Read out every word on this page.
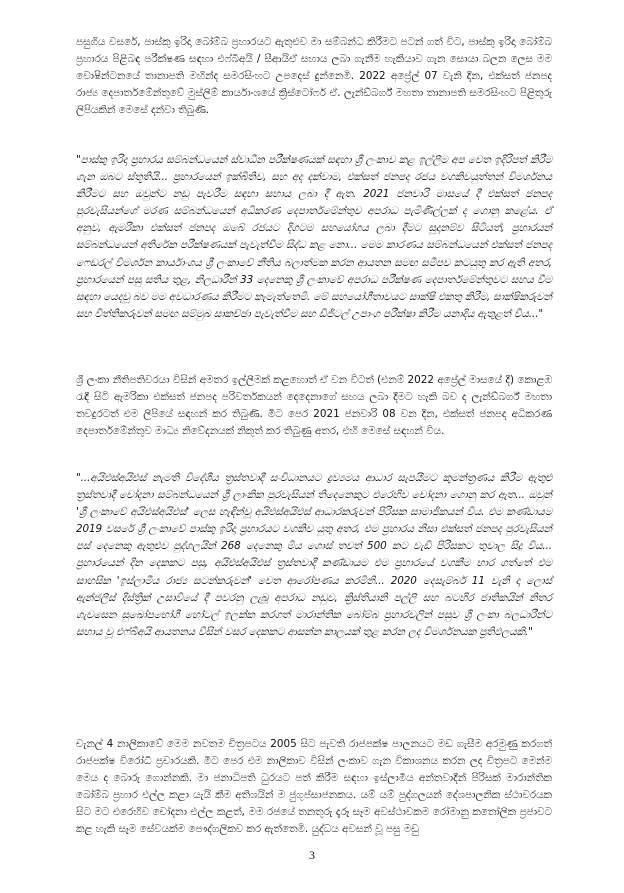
පසුගිය වසරේ, පාස්කු ඉරිදා බෝම්බ ප්‍රහාරයට ඇතුළුව මා සම්බන්ධ කිරීමට පටන් ගත් විට, පාස්කු ඉරිදා බෝම්බ ප්‍රහාරය පිළිබඳ පරීක්ෂණ සඳහා එෆ්බීඅයි / සීආයිඒ සහාය ලබා ගැනීම හැකියාව ගැන සොයා බලන ලෙස මම වොෂින්ටනයේ තානාපති මහින්ද සමරසිංහට උපදෙස් දුන්නෙමි. 2022 අප්‍රේල් 07 වැනි දින, එක්සත් ජනපද රාජ්‍ය දෙපාර්තමේන්තුවේ මුස්ලිම් කාර්යාංශයේ ක්‍රිස්ටෝෆර් ඒ. ලැන්ඩ්බර්ග් මහතා තානාපති සමරසිංහට පිළිතුරු ලිපියකින් මෙසේ දන්වා තිබුණි.

"පාස්කු ඉරිදා ප්‍රහාරය සම්බන්ධයෙන් ස්වාධීන පරීක්ෂණයක් සඳහා ශ්‍රී ලංකාව කළ ඉල්ලීම අප වෙත ඉදිරිපත් කිරීම ගැන ඔබට ස්තූතියි... ප්‍රහාරයෙන් ඉක්බිතිව, සහ අද දක්වාම, එක්සත් ජනපද රජය වගකිවයුත්තන් විමර්ශනය කිරීමට සහ ඔවුන්ට නඩු පැවරීම සඳහා සහාය ලබා දී ඇත. 2021 ජනවාරි මාසයේ දී එක්සත් ජනපද පුරවැසියන්ගේ මරණ සම්බන්ධයෙන් අධිකරණ දෙපාර්තමේන්තුව අපරාධ පැමිණිල්ලක් ද ගොනු කළේය. ඒ අනුව, ඇමරිකා එක්සත් ජනපද ඔබේ රජයට දිගටම සහයෝගය ලබා දීමට සූදානම්ව සිටියත්, ප්‍රහාරයන් සම්බන්ධයෙන් අතිරේක පරීක්ෂණයක් පැවැත්වීම සිද්ධ කළ නො... මෙම කාරණය සම්බන්ධයෙන් එක්සත් ජනපද ෆෙඩරල් විමර්ශන කාර්යාංශය ශ්‍රී ලංකාවේ නීතිය බලාත්මක කරන ආයතන සමඟ සමීපව කටයුතු කර ඇති අතර, ප්‍රහාරයෙන් පසු සතිය තුළ, නිලධාරීන් 33 දෙනෙකු ශ්‍රී ලංකාවේ අපරාධ පරීක්ෂණ දෙපාර්තමේන්තුවට සහය වීම සඳහා යෙදවූ බව මම අවධාරණය කිරීමට කැමැත්තෙමි. මේ සහයෝගීතාවයට සාක්ෂි එකතු කිරීම, සාක්ෂිකරුවන් සහ විත්තිකරුවන් සමඟ සම්මුඛ සාකච්ඡා පැවැත්වීම සහ ඩිජිටල් උපාංග පරීක්ෂා කිරීම යනාදිය ඇතුළත් විය..."

ශ්‍රී ලංකා නීතිපතිවරයා විසින් අමතර ඉල්ලීමක් කළහොත් ඒ වන විටත් (එනම් 2022 අප්‍රේල් මාසයේ දී) කොළඹ රැඳී සිටි ඇමරිකා එක්සත් ජනපද පරිවර්තකයන් දෙදෙනාගේ සහය ලබා දීමට හැකි බව ද ලැන්ඩ්බර්ග් මහතා තවදුරටත් එම ලිපියේ සඳහන් කර තිබුණි. මීට පෙර 2021 ජනවාරි 08 වන දින, එක්සත් ජනපද අධිකරණ දෙපාර්තමේන්තුව මාධ්‍ය නිවේදනයක් නිකුත් කර තිබුණු අතර, එහි මෙසේ සඳහන් විය.

"...අයිඑස්අයිඑස් නැමති විදේශීය ත්‍රස්තවාදී සංවිධානයට ද්‍රව්‍යමය ආධාර සැපයීමට කුමන්ත්‍රණය කිරීම ඇතුළු ත්‍රස්තවාදී චෝදනා සම්බන්ධයෙන් ශ්‍රී ලාංකික පුරවැසියන් තිදෙනෙකුට එරෙහිව චෝදනා ගොනු කර ඇත... ඔවුන් 'ශ්‍රී ලංකාවේ අයිඑස්අයිඑස්' ලෙස හැඳින්වූ අයිඑස්අයිඑස් ආධාරකරුවන් පිරිසක සාමාජිකයන් විය. එම කණ්ඩායම 2019 වසරේ ශ්‍රී ලංකාවේ පාස්කු ඉරිදා ප්‍රහාරයට වගකිව යුතු අතර, එම ප්‍රහාරය නිසා එක්සත් ජනපද පුරවැසියන් පස් දෙනෙකු ඇතුළුව පුද්ගලයින් 268 දෙනෙකු මිය ගොස් තවත් 500 කට වැඩි පිරිසකට තුවාල සිදු විය... ප්‍රහාරයෙන් දින දෙකකට පසු, අයිඑස්අයිඑස් ත්‍රස්තවාදී කණ්ඩායම එම ප්‍රහාරයේ වගකීම භාර ගත්තේ එම සාහසික 'ඉස්ලාමීය රාජ්‍ය සටන්කරුවන්' වෙත ආරෝපණය කරමිනි... 2020 දෙසැම්බර් 11 වැනි දා ලොස් ඇන්ජලීස් දිස්ත්‍රික් උසාවියේ දී පවරනු ලැබූ අපරාධ නඩුව, ක්‍රිස්තියානි පල්ලි සහ බටහිර ජාතිකයින් නිතර ගැවසෙන සුඛෝපභෝගී හෝටල් ඉලක්ක කරගත් මාරාන්තික බෝම්බ ප්‍රහාරවලින් පසුව ශ්‍රී ලංකා බලධාරීන්ට සහාය වූ එෆ්බීඅයි ආයතනය විසින් වසර දෙකකට ආසන්න කාලයක් තුළ කරන ලද විමර්ශනයක ප්‍රතිඵලයකි."

චැනල් 4 නාලිකාවේ මෙම නවතම චිත්‍රපටය 2005 සිට පැවති රාජපක්ෂ පාලනයට මඩ ගැසීම අරමුණු කරගත් රාජපක්ෂ විරෝධී ප්‍රචාරයකි. මීට පෙර එම නාලිකාව විසින් ලංකාව ගැන විකාශනය කරන ලද චිත්‍රපට මෙන්ම මෙය ද බොරු ගොන්නකි. මා ජනාධිපති ධුරයට පත් කිරීම සඳහා ඉස්ලාමීය අන්තවාදීන් පිරිසක් මාරාන්තික බෝම්බ ප්‍රහාර එල්ල කළා යැයි කීම අතිශයින් ම ජුගුප්සාජනකය. යම් යම් පුද්ගලයන් දේශපාලනික ස්ථාවරයක සිට මට එරෙහිව චෝදනා එල්ල කළත්, මම රජයේ තනතුරු දැරූ සෑම අවස්ථාවකම රෝමානු කතෝලික ප්‍රජාවට කළ හැකි සෑම සේවයක්ම පෞද්ගලිකව කර ඇත්තෙමි. යුද්ධය අවසන් වූ පසු මඩු

3
